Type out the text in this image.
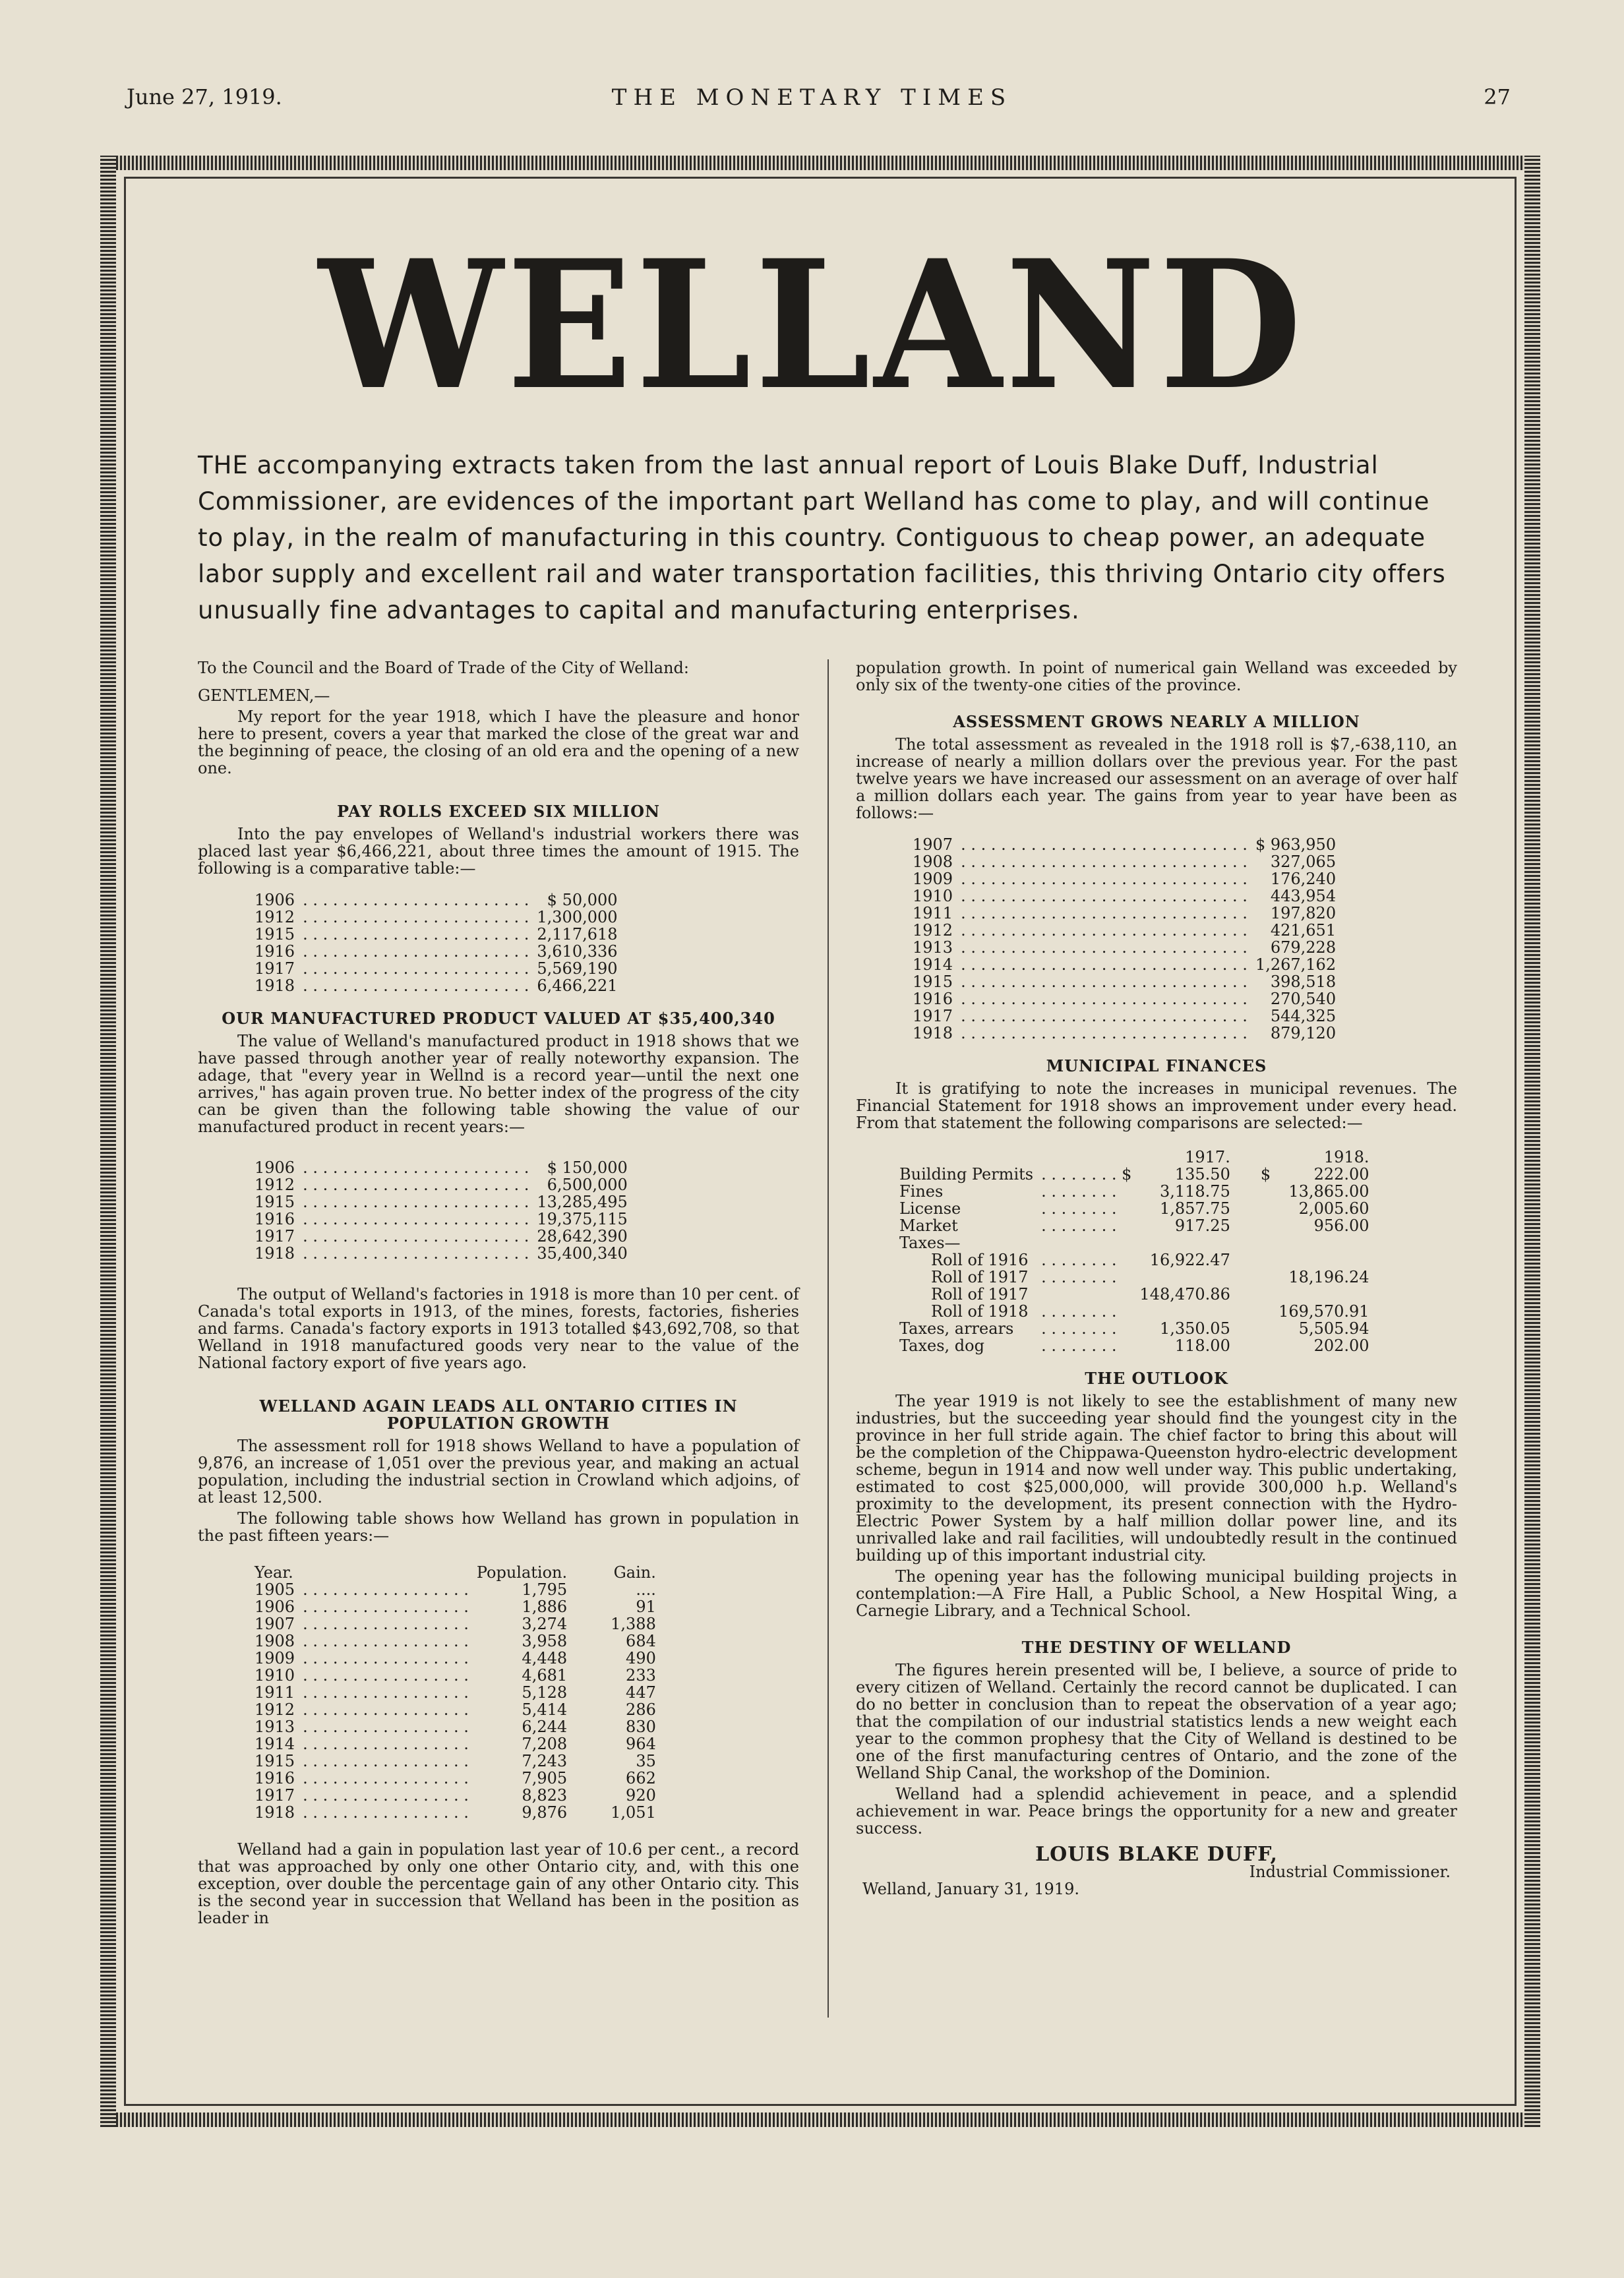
June 27, 1919.	THE MONETARY TIMES	27
WELLAND
THE accompanying extracts taken from the last annual report of Louis Blake Duff, Industrial Commissioner, are evidences of the important part Welland has come to play, and will continue to play, in the realm of manufacturing in this country. Contiguous to cheap power, an adequate labor supply and excellent rail and water transportation facilities, this thriving Ontario city offers unusually fine advantages to capital and manufacturing enterprises.

To the Council and the Board of Trade of the City of Welland:

GENTLEMEN,—

My report for the year 1918, which I have the pleasure and honor here to present, covers a year that marked the close of the great war and the beginning of peace, the closing of an old era and the opening of a new one.

PAY ROLLS EXCEED SIX MILLION

Into the pay envelopes of Welland's industrial workers there was placed last year $6,466,221, about three times the amount of 1915. The following is a comparative table:—

1906	. . . . . . . . . . . . . . . . . . . . . . .	$ 50,000
1912	. . . . . . . . . . . . . . . . . . . . . . .	1,300,000
1915	. . . . . . . . . . . . . . . . . . . . . . .	2,117,618
1916	. . . . . . . . . . . . . . . . . . . . . . .	3,610,336
1917	. . . . . . . . . . . . . . . . . . . . . . .	5,569,190
1918	. . . . . . . . . . . . . . . . . . . . . . .	6,466,221
OUR MANUFACTURED PRODUCT VALUED AT $35,400,340

The value of Welland's manufactured product in 1918 shows that we have passed through another year of really noteworthy expansion. The adage, that "every year in Wellnd is a record year—until the next one arrives," has again proven true. No better index of the progress of the city can be given than the following table showing the value of our manufactured product in recent years:—

1906	. . . . . . . . . . . . . . . . . . . . . . .	$ 150,000
1912	. . . . . . . . . . . . . . . . . . . . . . .	6,500,000
1915	. . . . . . . . . . . . . . . . . . . . . . .	13,285,495
1916	. . . . . . . . . . . . . . . . . . . . . . .	19,375,115
1917	. . . . . . . . . . . . . . . . . . . . . . .	28,642,390
1918	. . . . . . . . . . . . . . . . . . . . . . .	35,400,340

The output of Welland's factories in 1918 is more than 10 per cent. of Canada's total exports in 1913, of the mines, forests, factories, fisheries and farms. Canada's factory exports in 1913 totalled $43,692,708, so that Welland in 1918 manufactured goods very near to the value of the National factory export of five years ago.

WELLAND AGAIN LEADS ALL ONTARIO CITIES IN POPULATION GROWTH

The assessment roll for 1918 shows Welland to have a population of 9,876, an increase of 1,051 over the previous year, and making an actual population, including the industrial section in Crowland which adjoins, of at least 12,500.

The following table shows how Welland has grown in population in the past fifteen years:—

Year.		Population.	Gain.
1905	. . . . . . . . . . . . . . . . .	1,795	....
1906	. . . . . . . . . . . . . . . . .	1,886	91
1907	. . . . . . . . . . . . . . . . .	3,274	1,388
1908	. . . . . . . . . . . . . . . . .	3,958	684
1909	. . . . . . . . . . . . . . . . .	4,448	490
1910	. . . . . . . . . . . . . . . . .	4,681	233
1911	. . . . . . . . . . . . . . . . .	5,128	447
1912	. . . . . . . . . . . . . . . . .	5,414	286
1913	. . . . . . . . . . . . . . . . .	6,244	830
1914	. . . . . . . . . . . . . . . . .	7,208	964
1915	. . . . . . . . . . . . . . . . .	7,243	35
1916	. . . . . . . . . . . . . . . . .	7,905	662
1917	. . . . . . . . . . . . . . . . .	8,823	920
1918	. . . . . . . . . . . . . . . . .	9,876	1,051

Welland had a gain in population last year of 10.6 per cent., a record that was approached by only one other Ontario city, and, with this one exception, over double the percentage gain of any other Ontario city. This is the second year in succession that Welland has been in the position as leader in

population growth. In point of numerical gain Welland was exceeded by only six of the twenty-one cities of the province.

ASSESSMENT GROWS NEARLY A MILLION

The total assessment as revealed in the 1918 roll is $7,-638,110, an increase of nearly a million dollars over the previous year. For the past twelve years we have increased our assessment on an average of over half a million dollars each year. The gains from year to year have been as follows:—

1907	. . . . . . . . . . . . . . . . . . . . . . . . . . . . .	$ 963,950
1908	. . . . . . . . . . . . . . . . . . . . . . . . . . . . .	327,065
1909	. . . . . . . . . . . . . . . . . . . . . . . . . . . . .	176,240
1910	. . . . . . . . . . . . . . . . . . . . . . . . . . . . .	443,954
1911	. . . . . . . . . . . . . . . . . . . . . . . . . . . . .	197,820
1912	. . . . . . . . . . . . . . . . . . . . . . . . . . . . .	421,651
1913	. . . . . . . . . . . . . . . . . . . . . . . . . . . . .	679,228
1914	. . . . . . . . . . . . . . . . . . . . . . . . . . . . .	1,267,162
1915	. . . . . . . . . . . . . . . . . . . . . . . . . . . . .	398,518
1916	. . . . . . . . . . . . . . . . . . . . . . . . . . . . .	270,540
1917	. . . . . . . . . . . . . . . . . . . . . . . . . . . . .	544,325
1918	. . . . . . . . . . . . . . . . . . . . . . . . . . . . .	879,120
MUNICIPAL FINANCES

It is gratifying to note the increases in municipal revenues. The Financial Statement for 1918 shows an improvement under every head. From that statement the following comparisons are selected:—

		1917.		1918.
Building Permits	. . . . . . . . $	135.50	$	222.00
Fines	. . . . . . . .	3,118.75		13,865.00
License	. . . . . . . .	1,857.75		2,005.60
Market	. . . . . . . .	917.25		956.00
Taxes—				
Roll of 1916	. . . . . . . .	16,922.47		
Roll of 1917	. . . . . . . .			18,196.24
Roll of 1917		148,470.86		
Roll of 1918	. . . . . . . .			169,570.91
Taxes, arrears	. . . . . . . .	1,350.05		5,505.94
Taxes, dog	. . . . . . . .	118.00		202.00
THE OUTLOOK

The year 1919 is not likely to see the establishment of many new industries, but the succeeding year should find the youngest city in the province in her full stride again. The chief factor to bring this about will be the completion of the Chippawa-Queenston hydro-electric development scheme, begun in 1914 and now well under way. This public undertaking, estimated to cost $25,000,000, will provide 300,000 h.p. Welland's proximity to the development, its present connection with the Hydro-Electric Power System by a half million dollar power line, and its unrivalled lake and rail facilities, will undoubtedly result in the continued building up of this important industrial city.

The opening year has the following municipal building projects in contemplation:—A Fire Hall, a Public School, a New Hospital Wing, a Carnegie Library, and a Technical School.

THE DESTINY OF WELLAND

The figures herein presented will be, I believe, a source of pride to every citizen of Welland. Certainly the record cannot be duplicated. I can do no better in conclusion than to repeat the observation of a year ago; that the compilation of our industrial statistics lends a new weight each year to the common prophesy that the City of Welland is destined to be one of the first manufacturing centres of Ontario, and the zone of the Welland Ship Canal, the workshop of the Dominion.

Welland had a splendid achievement in peace, and a splendid achievement in war. Peace brings the opportunity for a new and greater success.

LOUIS BLAKE DUFF,
Industrial Commissioner.
Welland, January 31, 1919.
